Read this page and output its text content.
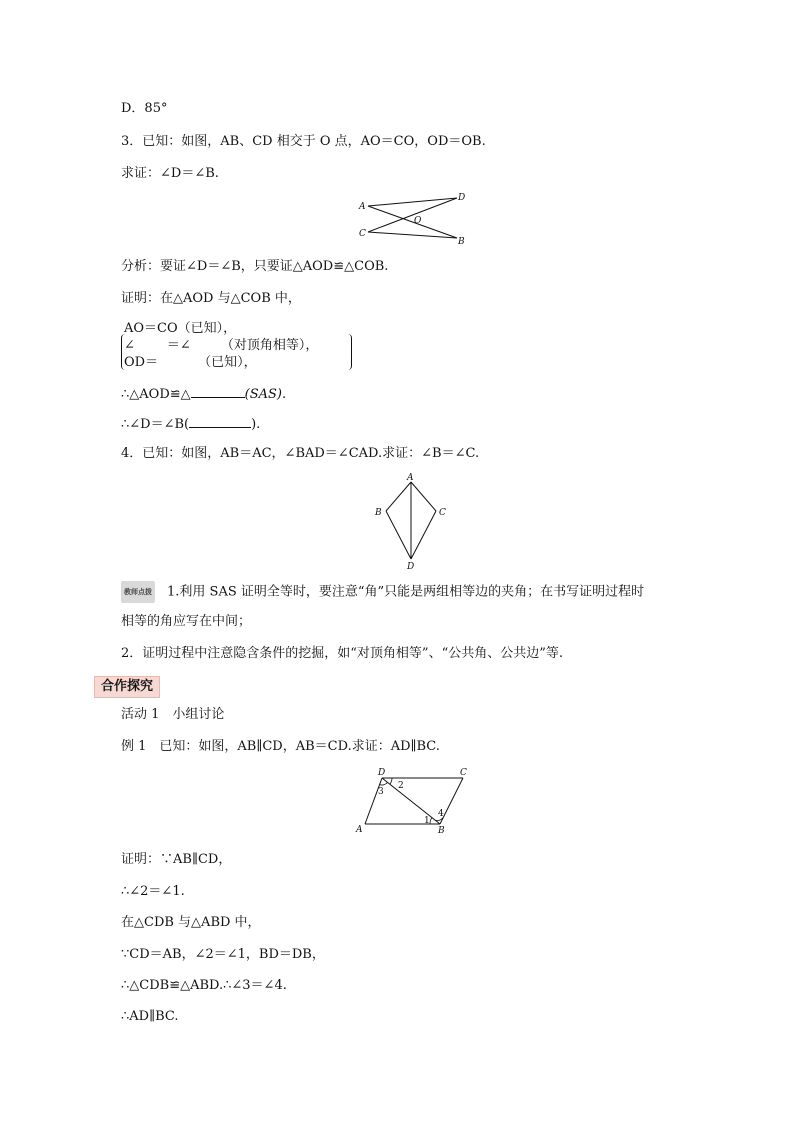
D．85°
3．已知：如图，AB、CD 相交于 O 点，AO＝CO，OD＝OB.
求证：∠D＝∠B.
A
D
O
C
B
分析：要证∠D＝∠B，只要证△AOD≌△COB.
证明：在△AOD 与△COB 中，
AO＝CO（已知），
∠ ＝∠ （对顶角相等），
OD＝	（已知），
∴△AOD≌△	(SAS).
∴∠D＝∠B(	).
4．已知：如图，AB＝AC，∠BAD＝∠CAD.求证：∠B＝∠C.
A
B	C
D
教师点拨 1.利用 SAS 证明全等时，要注意“角”只能是两组相等边的夹角；在书写证明过程时
相等的角应写在中间；
2．证明过程中注意隐含条件的挖掘，如“对顶角相等”、“公共角、公共边”等.
合作探究
活动 1　小组讨论
例 1　已知：如图，AB∥CD，AB＝CD.求证：AD∥BC.
D	C
A	B
2
3
4
1
证明：∵AB∥CD，
∴∠2＝∠1.
在△CDB 与△ABD 中，
∵CD＝AB，∠2＝∠1，BD＝DB，
∴△CDB≌△ABD.∴∠3＝∠4.
∴AD∥BC.
